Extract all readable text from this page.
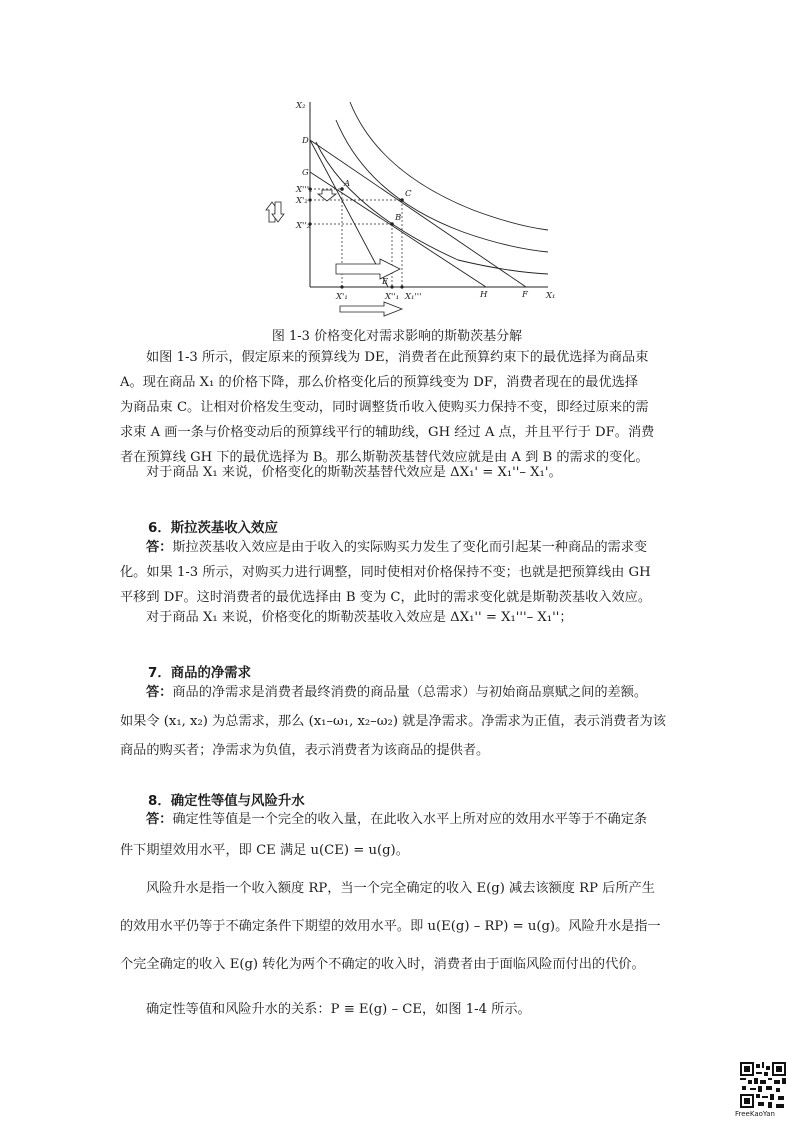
X₂
X₁
D
G
A
C
B
E
H	F
X'''₂
X'₂
X''₂
X'₁	X''₁ X₁'''
图 1-3 价格变化对需求影响的斯勒茨基分解
如图 1-3 所示，假定原来的预算线为 DE，消费者在此预算约束下的最优选择为商品束
A。现在商品 X₁ 的价格下降，那么价格变化后的预算线变为 DF，消费者现在的最优选择
为商品束 C。让相对价格发生变动，同时调整货币收入使购买力保持不变，即经过原来的需
求束 A 画一条与价格变动后的预算线平行的辅助线，GH 经过 A 点，并且平行于 DF。消费
者在预算线 GH 下的最优选择为 B。那么斯勒茨基替代效应就是由 A 到 B 的需求的变化。
对于商品 X₁ 来说，价格变化的斯勒茨基替代效应是 ΔX₁' = X₁''– X₁'。
6．斯拉茨基收入效应
答：斯拉茨基收入效应是由于收入的实际购买力发生了变化而引起某一种商品的需求变
化。如果 1-3 所示，对购买力进行调整，同时使相对价格保持不变；也就是把预算线由 GH
平移到 DF。这时消费者的最优选择由 B 变为 C，此时的需求变化就是斯勒茨基收入效应。
对于商品 X₁ 来说，价格变化的斯勒茨基收入效应是 ΔX₁'' = X₁'''– X₁''；
7．商品的净需求
答：商品的净需求是消费者最终消费的商品量（总需求）与初始商品禀赋之间的差额。
如果令 (x₁, x₂) 为总需求，那么 (x₁–ω₁, x₂–ω₂) 就是净需求。净需求为正值，表示消费者为该
商品的购买者；净需求为负值，表示消费者为该商品的提供者。
8．确定性等值与风险升水
答：确定性等值是一个完全的收入量，在此收入水平上所对应的效用水平等于不确定条
件下期望效用水平，即 CE 满足 u(CE) = u(g)。
风险升水是指一个收入额度 RP，当一个完全确定的收入 E(g) 减去该额度 RP 后所产生
的效用水平仍等于不确定条件下期望的效用水平。即 u(E(g) – RP) = u(g)。风险升水是指一
个完全确定的收入 E(g) 转化为两个不确定的收入时，消费者由于面临风险而付出的代价。
确定性等值和风险升水的关系：P ≡ E(g) – CE，如图 1-4 所示。
FreeKaoYan
